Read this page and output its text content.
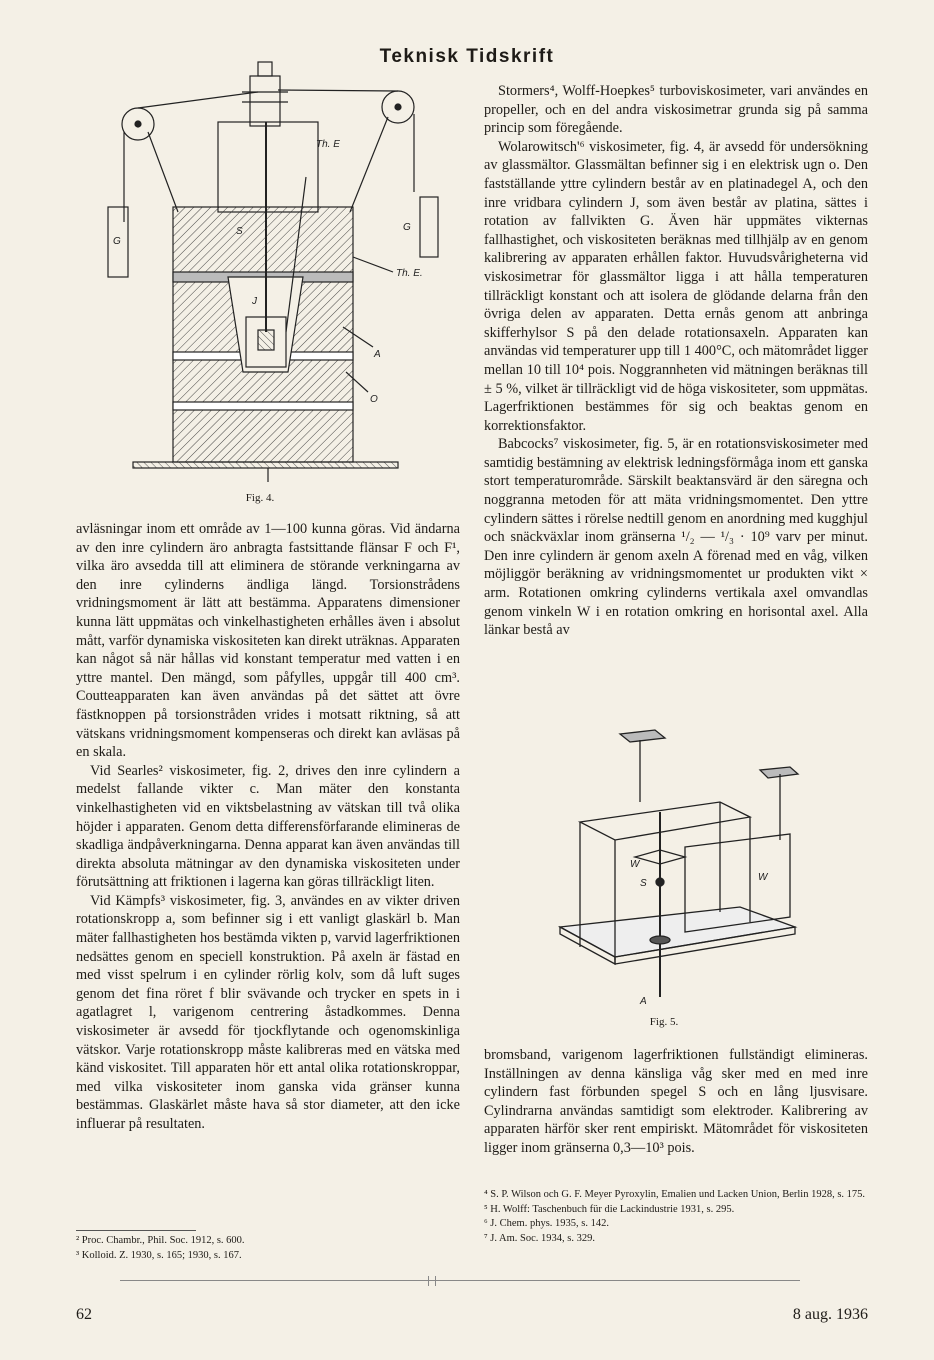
Teknisk Tidskrift
G
G
Th. E
Th. E.
S
J
A
O
Fig. 4.
W
W
S
A
Fig. 5.

avläsningar inom ett område av 1—100 kunna göras. Vid ändarna av den inre cylindern äro anbragta fastsittande flänsar F och F¹, vilka äro avsedda till att eliminera de störande verkningarna av den inre cylinderns ändliga längd. Torsionstrådens vridningsmoment är lätt att bestämma. Apparatens dimensioner kunna lätt uppmätas och vinkelhastigheten erhålles även i absolut mått, varför dynamiska viskositeten kan direkt uträknas. Apparaten kan något så när hållas vid konstant temperatur med vatten i en yttre mantel. Den mängd, som påfylles, uppgår till 400 cm³. Coutteapparaten kan även användas på det sättet att övre fästknoppen på torsionstråden vrides i motsatt riktning, så att vätskans vridningsmoment kompenseras och direkt kan avläsas på en skala.

Vid Searles² viskosimeter, fig. 2, drives den inre cylindern a medelst fallande vikter c. Man mäter den konstanta vinkelhastigheten vid en viktsbelastning av vätskan till två olika höjder i apparaten. Genom detta differensförfarande elimineras de skadliga ändpåverkningarna. Denna apparat kan även användas till direkta absoluta mätningar av den dynamiska viskositeten under förutsättning att friktionen i lagerna kan göras tillräckligt liten.

Vid Kämpfs³ viskosimeter, fig. 3, användes en av vikter driven rotationskropp a, som befinner sig i ett vanligt glaskärl b. Man mäter fallhastigheten hos bestämda vikten p, varvid lagerfriktionen nedsättes genom en speciell konstruktion. På axeln är fästad en med visst spelrum i en cylinder rörlig kolv, som då luft suges genom det fina röret f blir svävande och trycker en spets in i agatlagret l, varigenom centrering åstadkommes. Denna viskosimeter är avsedd för tjockflytande och ogenomskinliga vätskor. Varje rotationskropp måste kalibreras med en vätska med känd viskositet. Till apparaten hör ett antal olika rotationskroppar, med vilka viskositeter inom ganska vida gränser kunna bestämmas. Glaskärlet måste hava så stor diameter, att den icke influerar på resultaten.

Stormers⁴, Wolff-Hoepkes⁵ turboviskosimeter, vari användes en propeller, och en del andra viskosimetrar grunda sig på samma princip som föregående.

Wolarowitsch'⁶ viskosimeter, fig. 4, är avsedd för undersökning av glassmältor. Glassmältan befinner sig i en elektrisk ugn o. Den fastställande yttre cylindern består av en platinadegel A, och den inre vridbara cylindern J, som även består av platina, sättes i rotation av fallvikten G. Även här uppmätes vikternas fallhastighet, och viskositeten beräknas med tillhjälp av en genom kalibrering av apparaten erhållen faktor. Huvudsvårigheterna vid viskosimetrar för glassmältor ligga i att hålla temperaturen tillräckligt konstant och att isolera de glödande delarna från den övriga delen av apparaten. Detta ernås genom att anbringa skifferhylsor S på den delade rotationsaxeln. Apparaten kan användas vid temperaturer upp till 1 400°C, och mätområdet ligger mellan 10 till 10⁴ pois. Noggrannheten vid mätningen beräknas till ± 5 %, vilket är tillräckligt vid de höga viskositeter, som uppmätas. Lagerfriktionen bestämmes för sig och beaktas genom en korrektionsfaktor.

Babcocks⁷ viskosimeter, fig. 5, är en rotationsviskosimeter med samtidig bestämning av elektrisk ledningsförmåga inom ett ganska stort temperaturområde. Särskilt beaktansvärd är den säregna och noggranna metoden för att mäta vridningsmomentet. Den yttre cylindern sättes i rörelse nedtill genom en anordning med kugghjul och snäckväxlar inom gränserna ¹/₂ — ¹/₃ · 10⁹ varv per minut. Den inre cylindern är genom axeln A förenad med en våg, vilken möjliggör beräkning av vridningsmomentet ur produkten vikt × arm. Rotationen omkring cylinderns vertikala axel omvandlas genom vinkeln W i en rotation omkring en horisontal axel. Alla länkar bestå av

bromsband, varigenom lagerfriktionen fullständigt elimineras. Inställningen av denna känsliga våg sker med en med inre cylindern fast förbunden spegel S och en lång ljusvisare. Cylindrarna användas samtidigt som elektroder. Kalibrering av apparaten härför sker rent empiriskt. Mätområdet för viskositeten ligger inom gränserna 0,3—10³ pois.

² Proc. Chambr., Phil. Soc. 1912, s. 600.

³ Kolloid. Z. 1930, s. 165; 1930, s. 167.

⁴ S. P. Wilson och G. F. Meyer Pyroxylin, Emalien und Lacken Union, Berlin 1928, s. 175.

⁵ H. Wolff: Taschenbuch für die Lackindustrie 1931, s. 295.

⁶ J. Chem. phys. 1935, s. 142.

⁷ J. Am. Soc. 1934, s. 329.

62	8 aug. 1936
